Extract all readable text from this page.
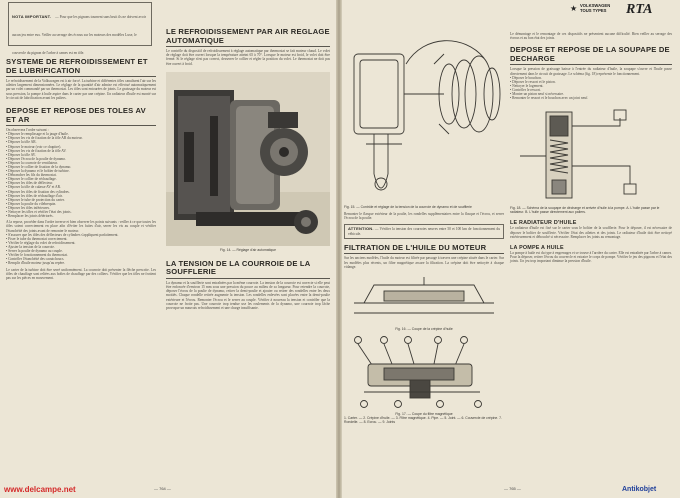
NOTA IMPORTANT. — Pour que les pignons tournent sans bruit ils ne doivent avoir aucun jeu entre eux. Veiller au serrage des écrous sur les moteurs des modèles Luxe, le couvercle du pignon de l'arbre à cames est en tôle.
SYSTEME DE REFROIDISSEMENT ET DE LUBRIFICATION
Le refroidissement de la Volkswagen est à air forcé. La turbine et différentes tôles canalisent l'air sur les ailettes largement dimensionnées. Le réglage de la quantité d'air admise est effectué automatiquement par un volet commandé par un thermostat. Les tôles sont entourées de joints. Le graissage du moteur est sous pression, la pompe à huile aspire dans le carter par une crépine. Un radiateur d'huile est monté sur le circuit de lubrification avant les paliers.
DEPOSE ET REPOSE DES TOLES AV ET AR
On observera l'ordre suivant :
• Déposer le remplissage et la jauge d'huile.
• Déposer les vis de fixation de la tôle AR du moteur.
• Déposer la tôle AR.
• Déposer le moteur (voir ce chapitre).
• Déposer les vis de fixation de la tôle AV.
• Déposer la tôle AV.
• Déposer l'écrou de la poulie de dynamo.
• Déposer la courroie de ventilateur.
• Déposer le collier de fixation de la dynamo.
• Déposer la dynamo et le boîtier de turbine.
• Débrancher les fils du thermostat.
• Déposer le collier de réchauffage.
• Déposer les tôles de déflecteur.
• Déposer la tôle de culasse AV et AR.
• Déposer les tôles de fixation des cylindres.
• Déposer les tôles de réchauffage d'air.
• Déposer le tube de protection du carter.
• Déposer la poulie du vilebrequin.
• Déposer les tôles inférieures.
• Nettoyer les tôles et vérifier l'état des joints.
• Remplacer les joints détériorés.
A la repose, procéder dans l'ordre inverse et bien observer les points suivants : veiller à ce que toutes les tôles soient correctement en place afin d'éviter les fuites d'air, serrer les vis au couple et vérifier l'étanchéité des joints avant de remonter le moteur.
• S'assurer que les tôles des déflecteurs de cylindres s'appliquent parfaitement.
• Fixer le tube du thermostat correctement.
• Vérifier le réglage du volet de refroidissement.
• Ajuster la tension de la courroie.
• Serrer la poulie de dynamo au couple.
• Vérifier le fonctionnement du thermostat.
• Contrôler l'étanchéité des caoutchoucs.
• Remplir d'huile moteur jusqu'au repère.
Le carter de la turbine doit être serré uniformément. La courroie doit présenter la flèche prescrite. Les tôles de chauffage sont reliées aux boîtes de chauffage par des colliers. Vérifier que les tôles ne frottent pas sur les pièces en mouvement.
LE REFROIDISSEMENT PAR AIR REGLAGE AUTOMATIQUE
Le contrôle du dispositif de refroidissement à réglage automatique par thermostat se fait moteur chaud. Le volet de réglage doit être ouvert lorsque la température atteint 65 à 70°. Lorsque le moteur est froid, le volet doit être fermé. Si le réglage n'est pas correct, desserrer le collier et régler la position du volet. Le thermostat ne doit pas être ouvert à froid.
Fig. 14. — Réglage d'air automatique
LA TENSION DE LA COURROIE DE LA SOUFFLERIE
La dynamo et la soufflerie sont entraînées par la même courroie. La tension de la courroie est correcte si elle peut être enfoncée d'environ 15 mm sous une pression du pouce au milieu de sa longueur. Pour retendre la courroie, déposer l'écrou de la poulie de dynamo, retirer la demi-poulie et ajouter ou retirer des rondelles entre les deux moitiés. Chaque rondelle retirée augmente la tension. Les rondelles enlevées sont placées entre la demi-poulie extérieure et l'écrou. Remonter l'écrou et le serrer au couple. Vérifier à nouveau la tension et contrôler que la courroie ne frotte pas. Une courroie trop tendue use les roulements de la dynamo, une courroie trop lâche provoque un mauvais refroidissement et une charge insuffisante.
— 764 —
www.delcampe.net
★ VOLKSWAGEN
TOUS TYPES RTA
Fig. 15. — Contrôle et réglage de la tension de la courroie de dynamo et de soufflerie
Remonter le flasque extérieur de la poulie, les rondelles supplémentaires entre la flasque et l'écrou, et serrer l'écrou de la poulie.
ATTENTION. — Vérifier la tension des courroies neuves entre 50 et 100 km de fonctionnement du véhicule.
FILTRATION DE L'HUILE DU MOTEUR
Sur les anciens modèles, l'huile du moteur est filtrée par passage à travers une crépine située dans le carter. Sur les modèles plus récents, un filtre magnétique assure la filtration. La crépine doit être nettoyée à chaque vidange.
Fig. 16. — Coupe de la crépine d'huile
Fig. 17. — Coupe du filtre magnétique
1. Carter. — 2. Crépine d'huile. — 3. Filtre magnétique. 4. Pipe. — 5. Joint. — 6. Couvercle de crépine. 7. Rondelle. — 8. Ecrou. — 9. Joints
Le démontage et le remontage de ces dispositifs ne présentent aucune difficulté. Bien veiller au serrage des écrous et au bon état des joints.
DEPOSE ET REPOSE DE LA SOUPAPE DE DECHARGE
Lorsque la pression de graissage baisse à l'entrée du radiateur d'huile, la soupape s'ouvre et l'huile passe directement dans le circuit de graissage. Le schéma (fig. 18) représente le fonctionnement.
• Déposer le bouchon.
• Déposer le ressort et le piston.
• Nettoyer le logement.
• Contrôler le ressort.
• Monter un piston neuf si nécessaire.
• Remonter le ressort et le bouchon avec un joint neuf.
Fig. 18. — Schéma de la soupape de décharge et arrivée d'huile à la pompe. A. L'huile passe par le radiateur. B. L'huile passe directement aux paliers.
LE RADIATEUR D'HUILE
Le radiateur d'huile est fixé sur le carter sous le boîtier de la soufflerie. Pour le déposer, il est nécessaire de déposer le boîtier de soufflerie. Vérifier l'état des ailettes et des joints. Le radiateur d'huile doit être nettoyé extérieurement et débouché si nécessaire. Remplacer les joints au remontage.
LA POMPE A HUILE
La pompe à huile est du type à engrenages et se trouve à l'arrière du carter. Elle est entraînée par l'arbre à cames. Pour la déposer, retirer l'écrou du couvercle et extraire le corps de pompe. Vérifier le jeu des pignons et l'état des joints. Un jeu trop important diminue la pression d'huile.
— 765 —	Antikobjet
